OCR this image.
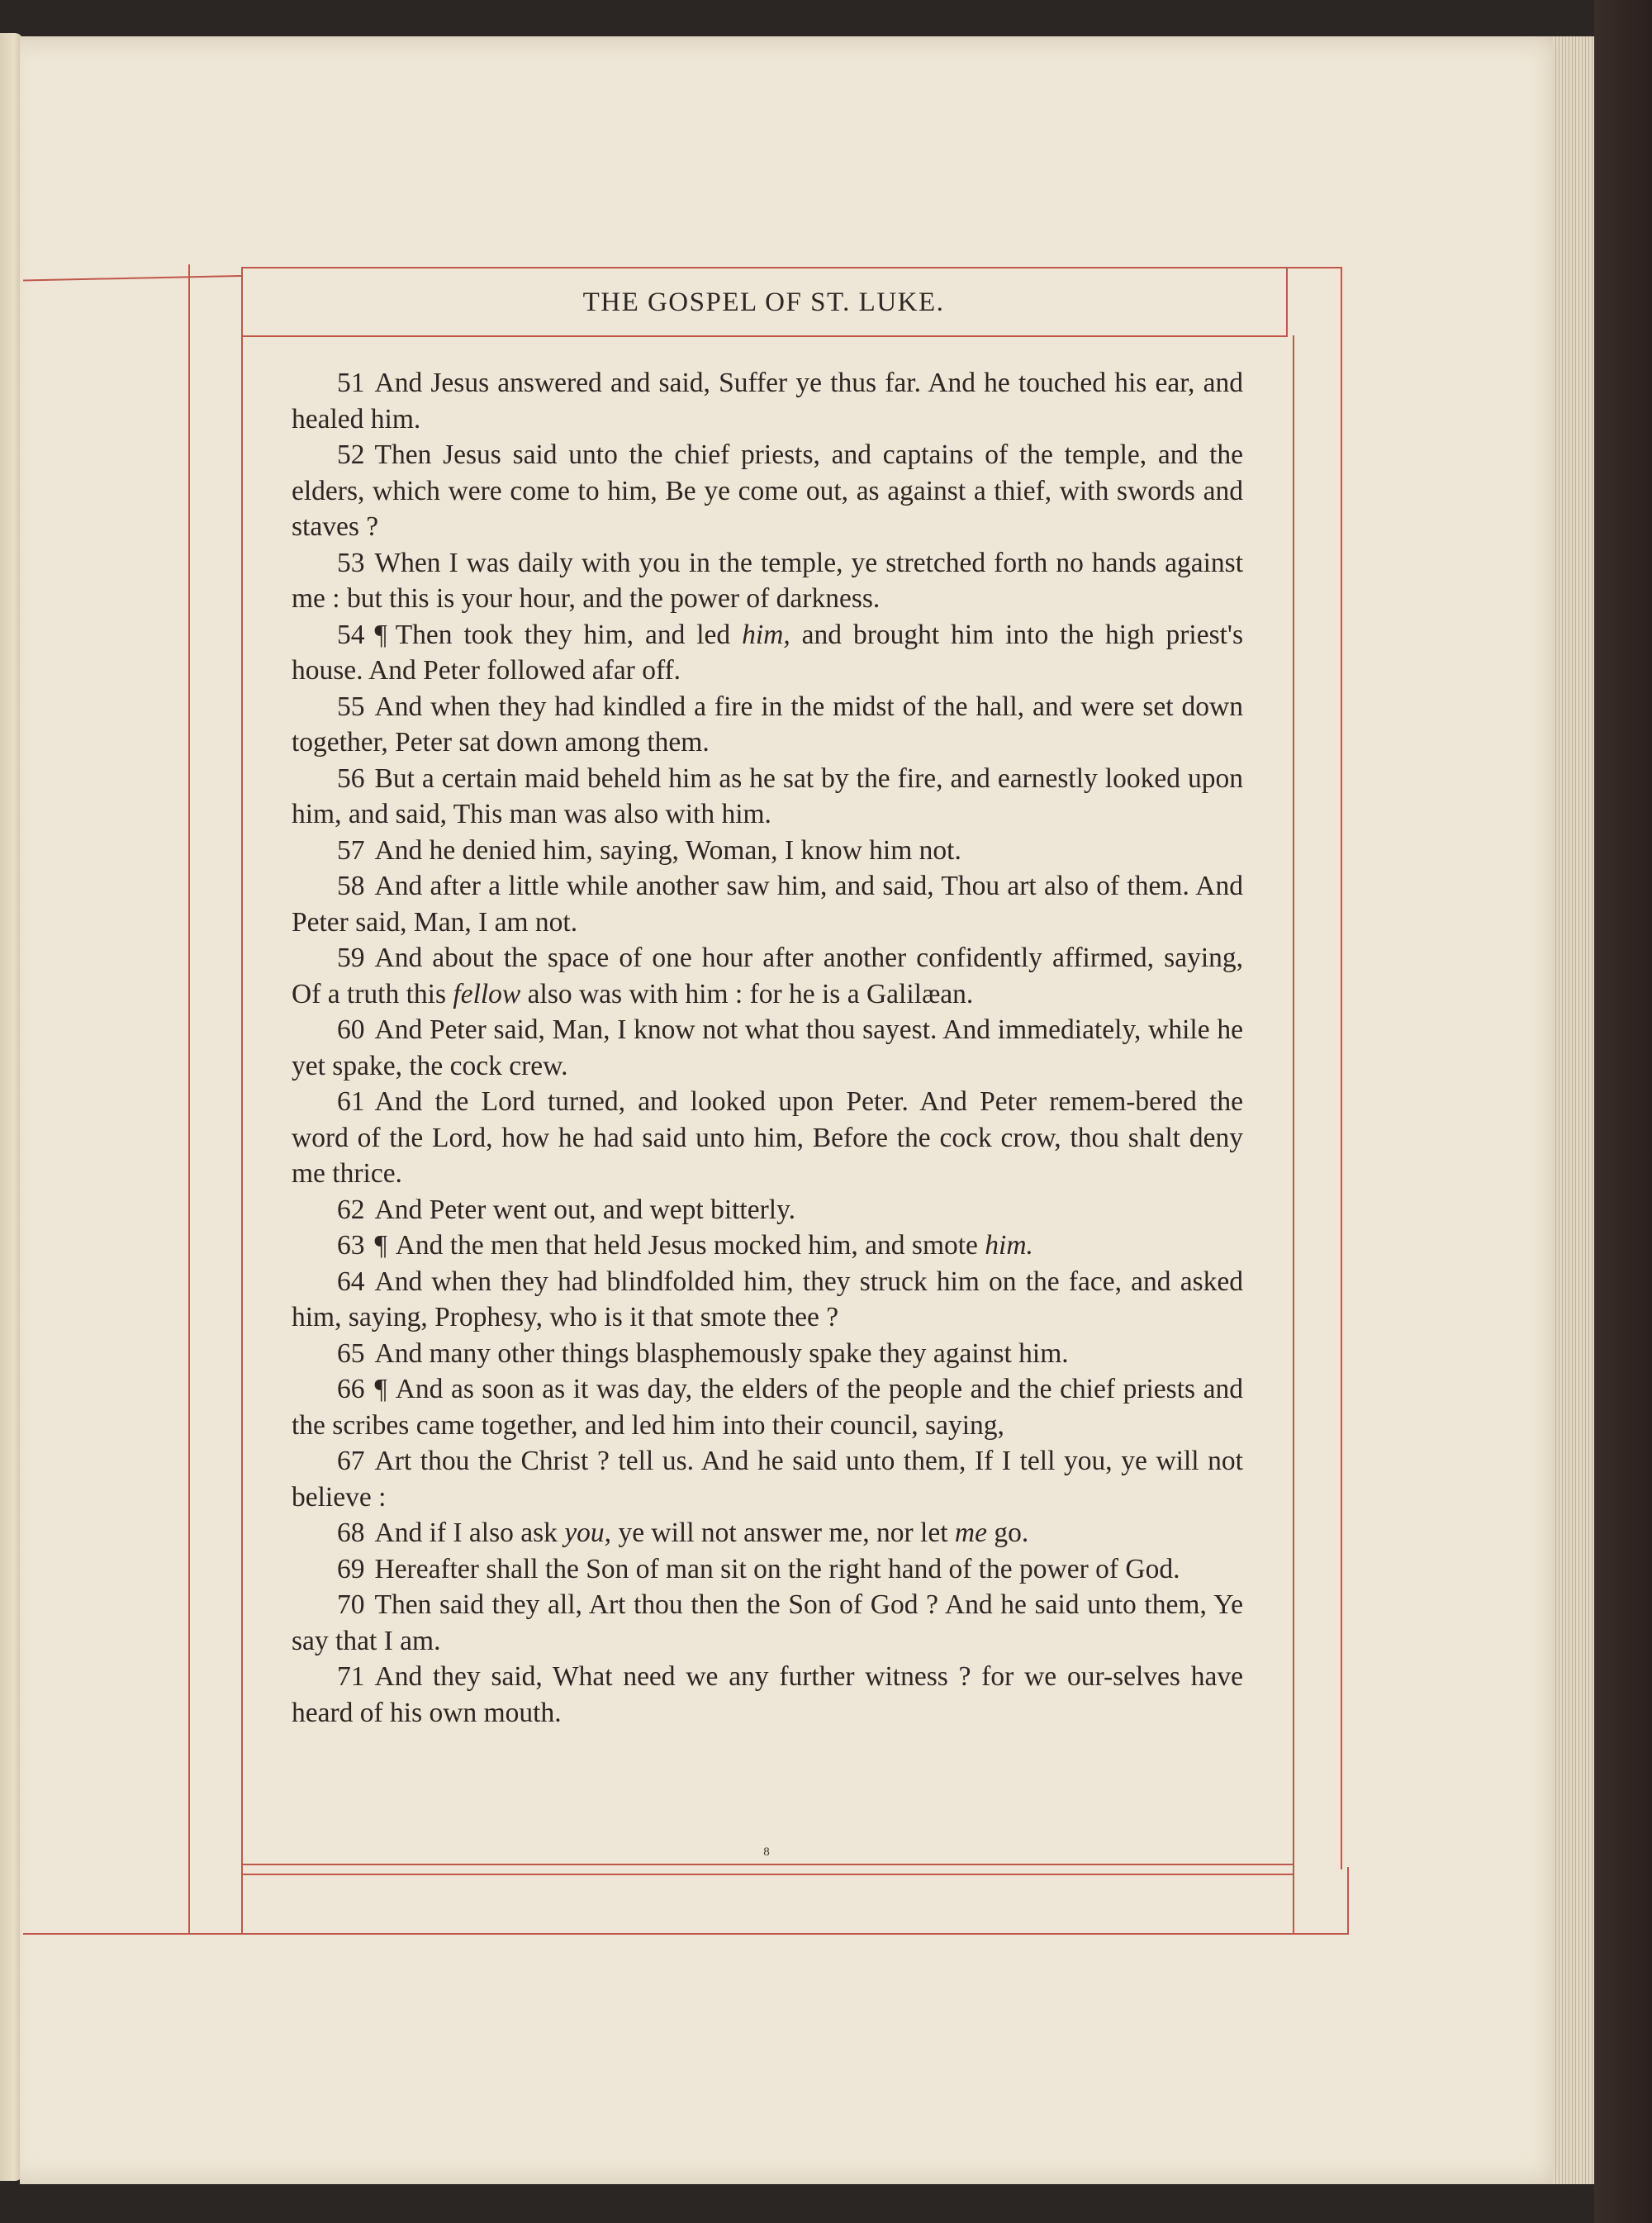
THE GOSPEL OF ST. LUKE.

51 And Jesus answered and said, Suffer ye thus far. And he touched his ear, and healed him.

52 Then Jesus said unto the chief priests, and captains of the temple, and the elders, which were come to him, Be ye come out, as against a thief, with swords and staves ?

53 When I was daily with you in the temple, ye stretched forth no hands against me : but this is your hour, and the power of darkness.

54 ¶ Then took they him, and led him, and brought him into the high priest's house. And Peter followed afar off.

55 And when they had kindled a fire in the midst of the hall, and were set down together, Peter sat down among them.

56 But a certain maid beheld him as he sat by the fire, and earnestly looked upon him, and said, This man was also with him.

57 And he denied him, saying, Woman, I know him not.

58 And after a little while another saw him, and said, Thou art also of them. And Peter said, Man, I am not.

59 And about the space of one hour after another confidently affirmed, saying, Of a truth this fellow also was with him : for he is a Galilæan.

60 And Peter said, Man, I know not what thou sayest. And immediately, while he yet spake, the cock crew.

61 And the Lord turned, and looked upon Peter. And Peter remem-bered the word of the Lord, how he had said unto him, Before the cock crow, thou shalt deny me thrice.

62 And Peter went out, and wept bitterly.

63 ¶ And the men that held Jesus mocked him, and smote him.

64 And when they had blindfolded him, they struck him on the face, and asked him, saying, Prophesy, who is it that smote thee ?

65 And many other things blasphemously spake they against him.

66 ¶ And as soon as it was day, the elders of the people and the chief priests and the scribes came together, and led him into their council, saying,

67 Art thou the Christ ? tell us. And he said unto them, If I tell you, ye will not believe :

68 And if I also ask you, ye will not answer me, nor let me go.

69 Hereafter shall the Son of man sit on the right hand of the power of God.

70 Then said they all, Art thou then the Son of God ? And he said unto them, Ye say that I am.

71 And they said, What need we any further witness ? for we our-selves have heard of his own mouth.

8
